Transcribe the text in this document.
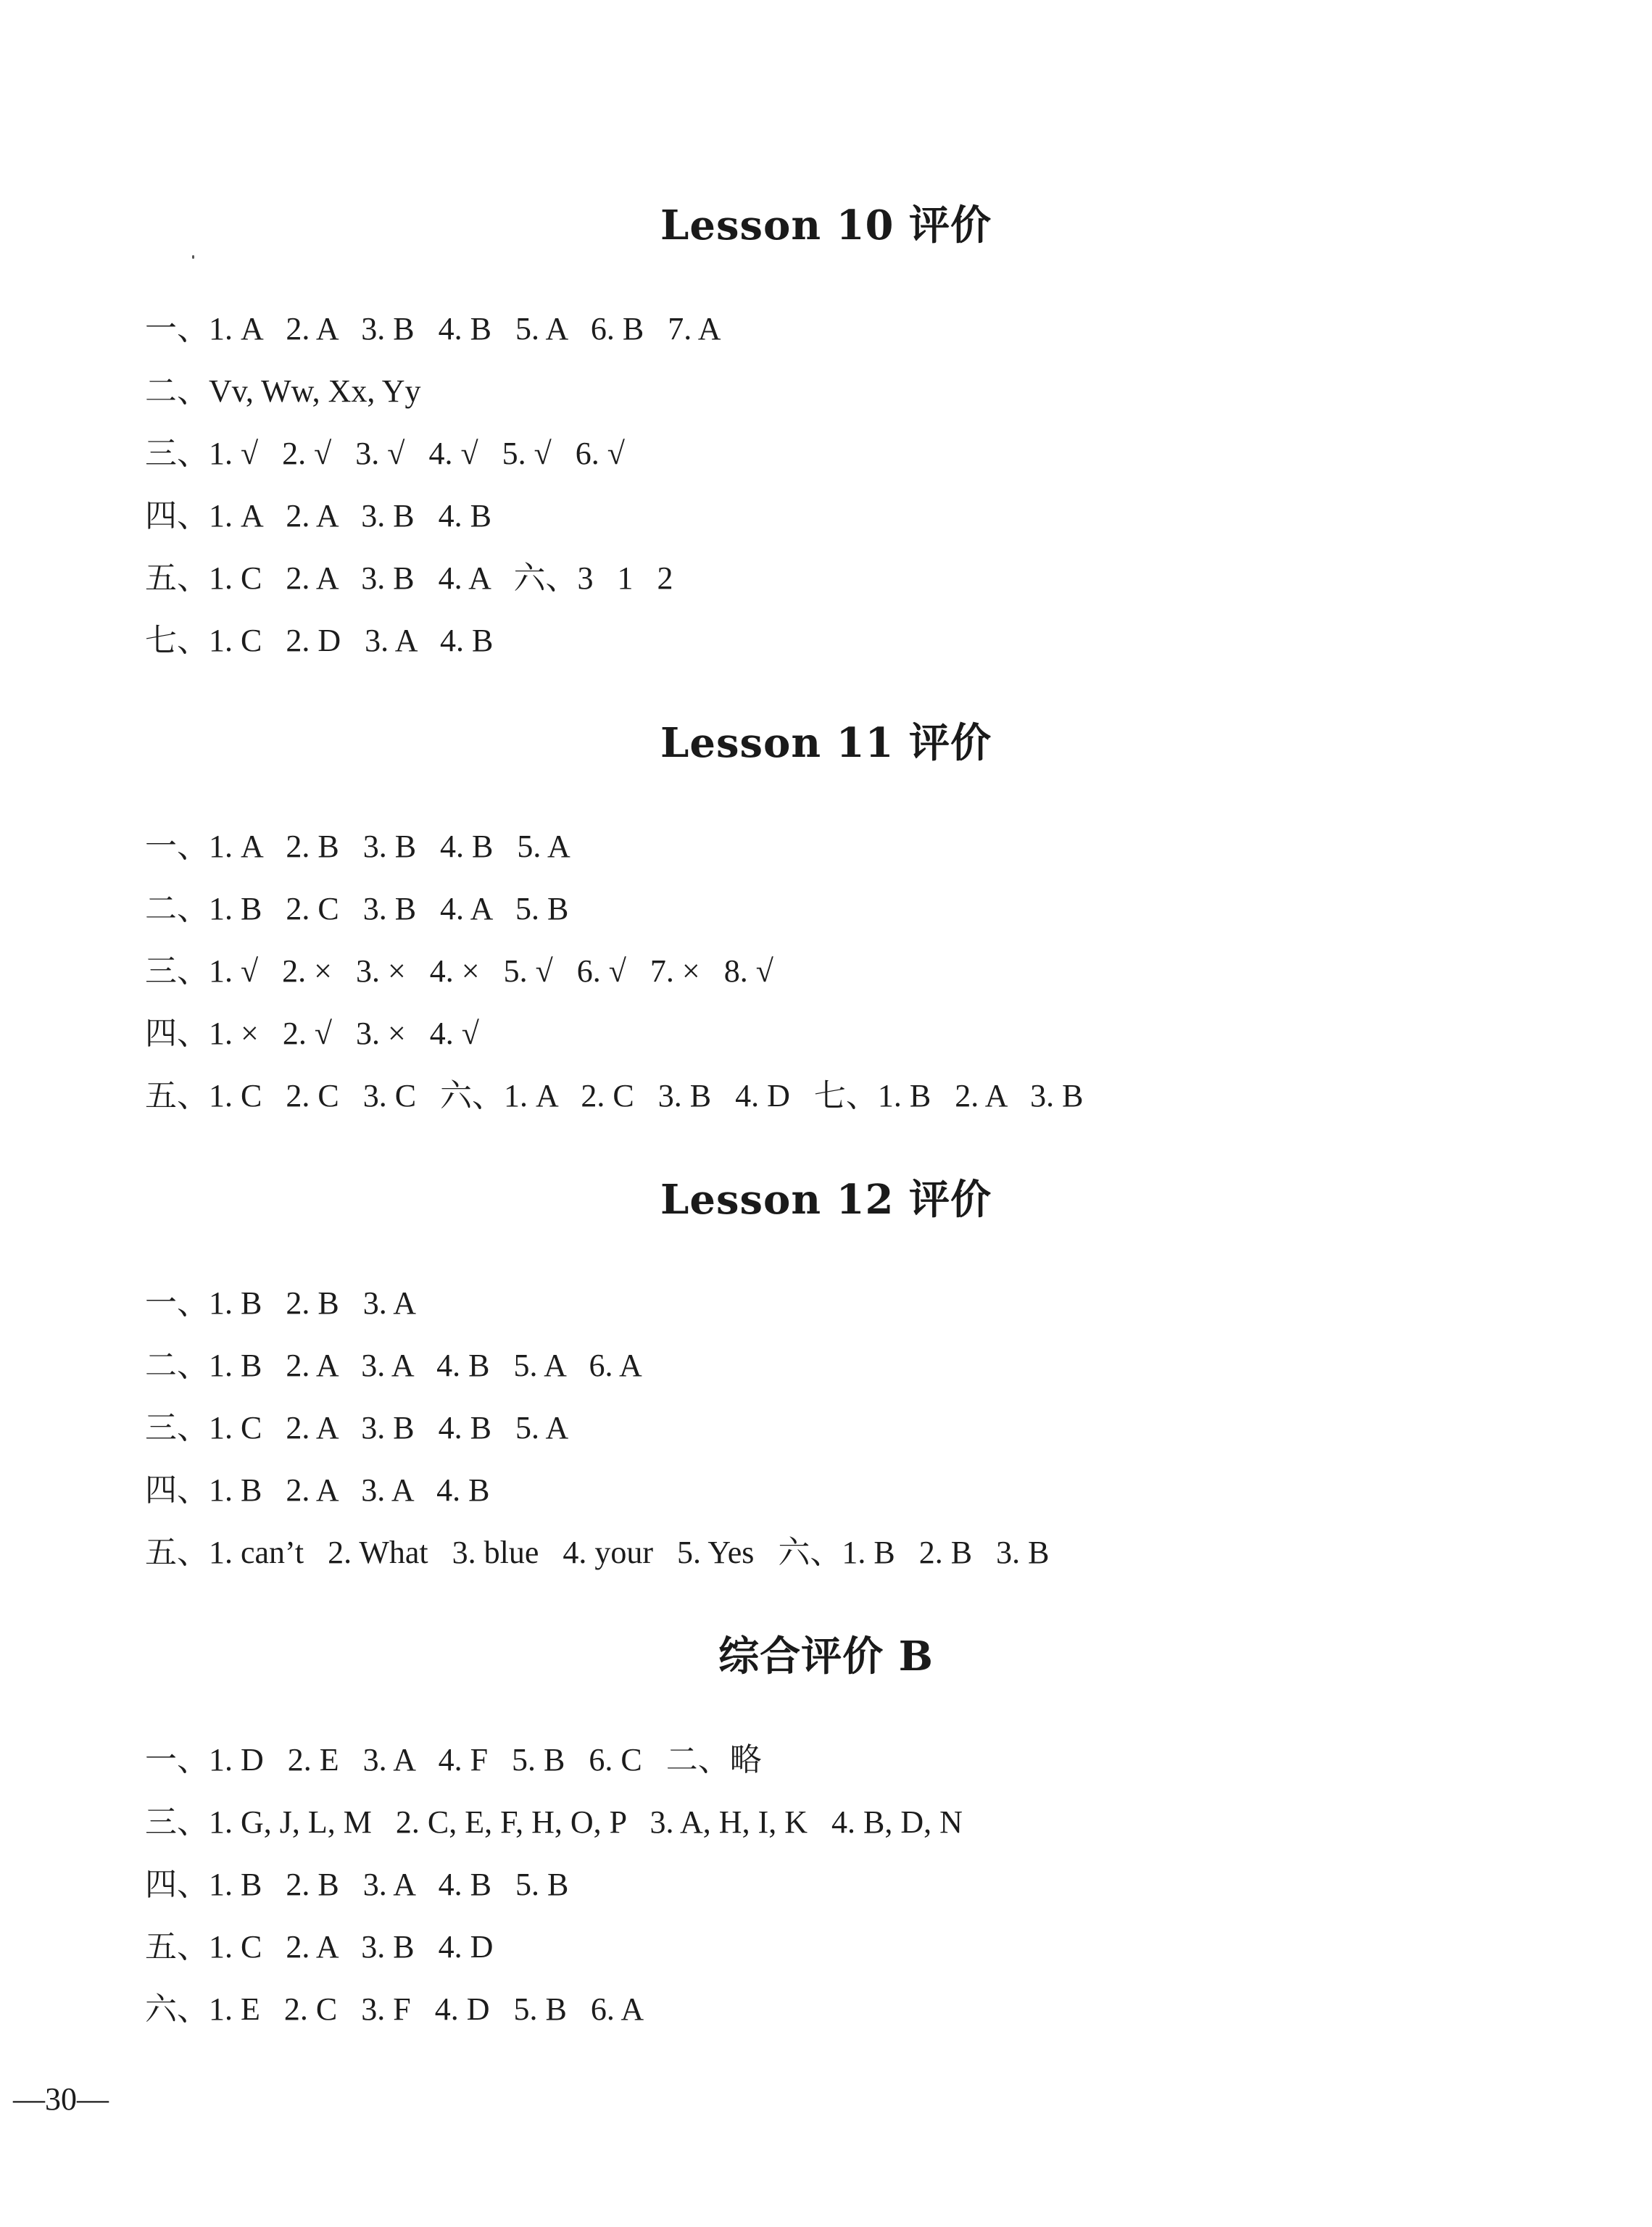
Lesson 10 评价
一、1. A   2. A   3. B   4. B   5. A   6. B   7. A
二、Vv, Ww, Xx, Yy
三、1. √   2. √   3. √   4. √   5. √   6. √
四、1. A   2. A   3. B   4. B
五、1. C   2. A   3. B   4. A   六、3   1   2
七、1. C   2. D   3. A   4. B
Lesson 11 评价
一、1. A   2. B   3. B   4. B   5. A
二、1. B   2. C   3. B   4. A   5. B
三、1. √   2. ×   3. ×   4. ×   5. √   6. √   7. ×   8. √
四、1. ×   2. √   3. ×   4. √
五、1. C   2. C   3. C   六、1. A   2. C   3. B   4. D   七、1. B   2. A   3. B
Lesson 12 评价
一、1. B   2. B   3. A
二、1. B   2. A   3. A   4. B   5. A   6. A
三、1. C   2. A   3. B   4. B   5. A
四、1. B   2. A   3. A   4. B
五、1. can’t   2. What   3. blue   4. your   5. Yes   六、1. B   2. B   3. B
综合评价 B
一、1. D   2. E   3. A   4. F   5. B   6. C   二、略
三、1. G, J, L, M   2. C, E, F, H, O, P   3. A, H, I, K   4. B, D, N
四、1. B   2. B   3. A   4. B   5. B
五、1. C   2. A   3. B   4. D
六、1. E   2. C   3. F   4. D   5. B   6. A
—30—
